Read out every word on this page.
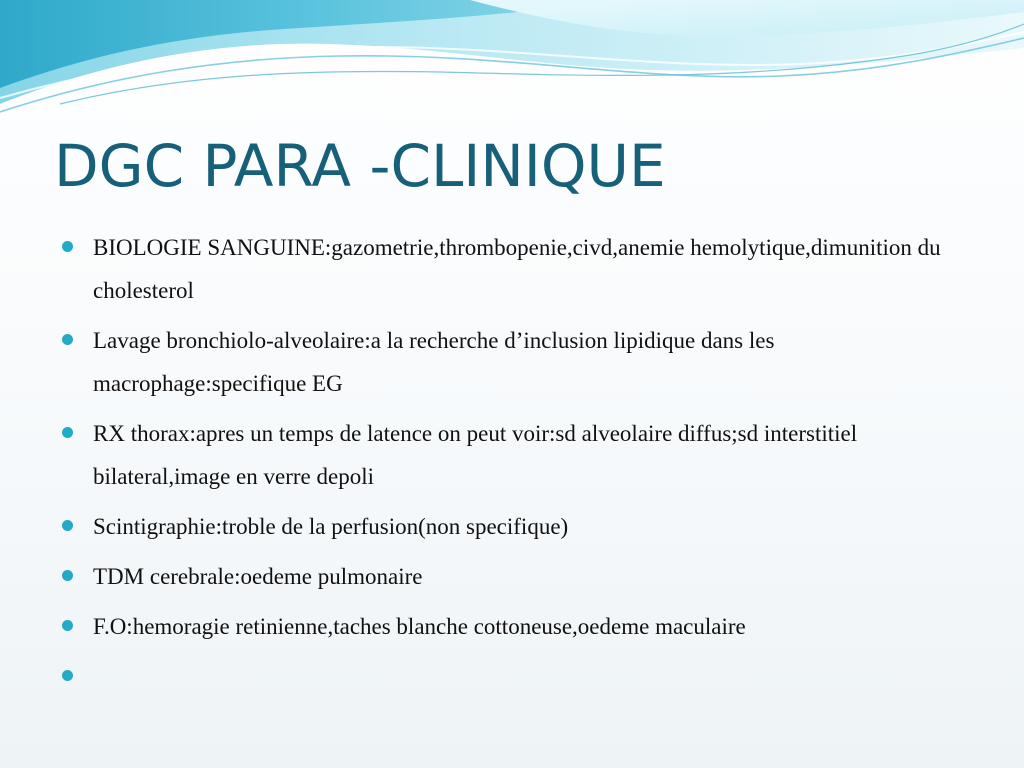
DGC PARA -CLINIQUE
BIOLOGIE SANGUINE:gazometrie,thrombopenie,civd,anemie hemolytique,dimunition du cholesterol
Lavage bronchiolo-alveolaire:a la recherche d’inclusion lipidique dans les macrophage:specifique EG
RX thorax:apres un temps de latence on peut voir:sd alveolaire diffus;sd interstitiel bilateral,image en verre depoli
Scintigraphie:troble de la perfusion(non specifique)
TDM cerebrale:oedeme pulmonaire
F.O:hemoragie retinienne,taches blanche cottoneuse,oedeme maculaire
